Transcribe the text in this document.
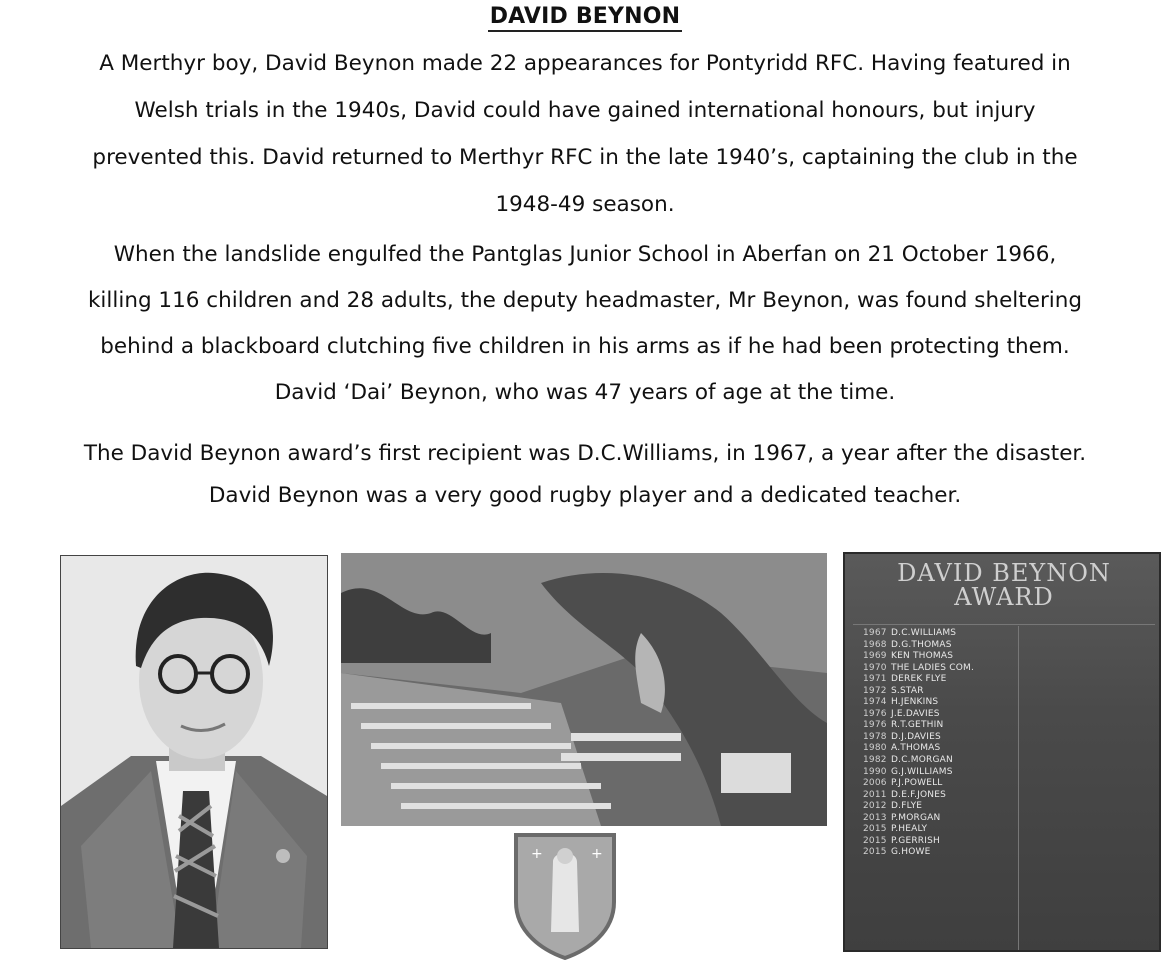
DAVID BEYNON
A Merthyr boy, David Beynon made 22 appearances for Pontyridd RFC. Having featured in
Welsh trials in the 1940s, David could have gained international honours, but injury
prevented this. David returned to Merthyr RFC in the late 1940’s, captaining the club in the
1948-49 season.
When the landslide engulfed the Pantglas Junior School in Aberfan on 21 October 1966,
killing 116 children and 28 adults, the deputy headmaster, Mr Beynon, was found sheltering
behind a blackboard clutching five children in his arms as if he had been protecting them.
David ‘Dai’ Beynon, who was 47 years of age at the time.
The David Beynon award’s first recipient was D.C.Williams, in 1967, a year after the disaster.
David Beynon was a very good rugby player and a dedicated teacher.
+	+
DAVID BEYNON
AWARD
1967 D.C.WILLIAMS
1968 D.G.THOMAS
1969 KEN THOMAS
1970 THE LADIES COM.
1971 DEREK FLYE
1972 S.STAR
1974 H.JENKINS
1976 J.E.DAVIES
1976 R.T.GETHIN
1978 D.J.DAVIES
1980 A.THOMAS
1982 D.C.MORGAN
1990 G.J.WILLIAMS
2006 P.J.POWELL
2011 D.E.F.JONES
2012 D.FLYE
2013 P.MORGAN
2015 P.HEALY
2015 P.GERRISH
2015 G.HOWE
